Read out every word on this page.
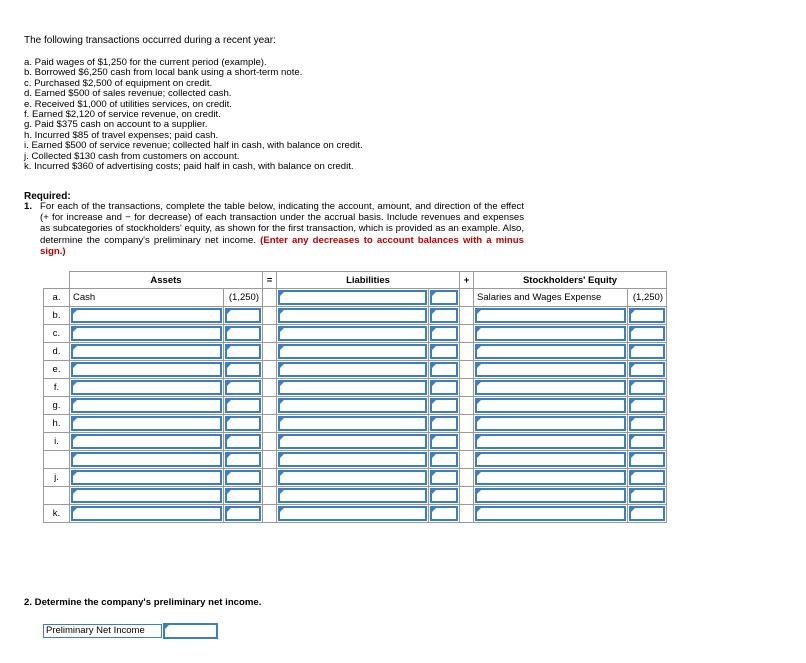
The following transactions occurred during a recent year:
a. Paid wages of $1,250 for the current period (example).
b. Borrowed $6,250 cash from local bank using a short-term note.
c. Purchased $2,500 of equipment on credit.
d. Earned $500 of sales revenue; collected cash.
e. Received $1,000 of utilities services, on credit.
f. Earned $2,120 of service revenue, on credit.
g. Paid $375 cash on account to a supplier.
h. Incurred $85 of travel expenses; paid cash.
i. Earned $500 of service revenue; collected half in cash, with balance on credit.
j. Collected $130 cash from customers on account.
k. Incurred $360 of advertising costs; paid half in cash, with balance on credit.
Required:
1. For each of the transactions, complete the table below, indicating the account, amount, and direction of the effect (+ for increase and − for decrease) of each transaction under the accrual basis. Include revenues and expenses as subcategories of stockholders' equity, as shown for the first transaction, which is provided as an example. Also, determine the company's preliminary net income. (Enter any decreases to account balances with a minus sign.)
	Assets		=	Liabilities		+	Stockholders' Equity	
a.	Cash	(1,250)					Salaries and Wages Expense	(1,250)
b.	

c.	

d.	

e.	

f.	

g.	

h.	

i.	

j.	

k.	

2. Determine the company's preliminary net income.
Preliminary Net Income
